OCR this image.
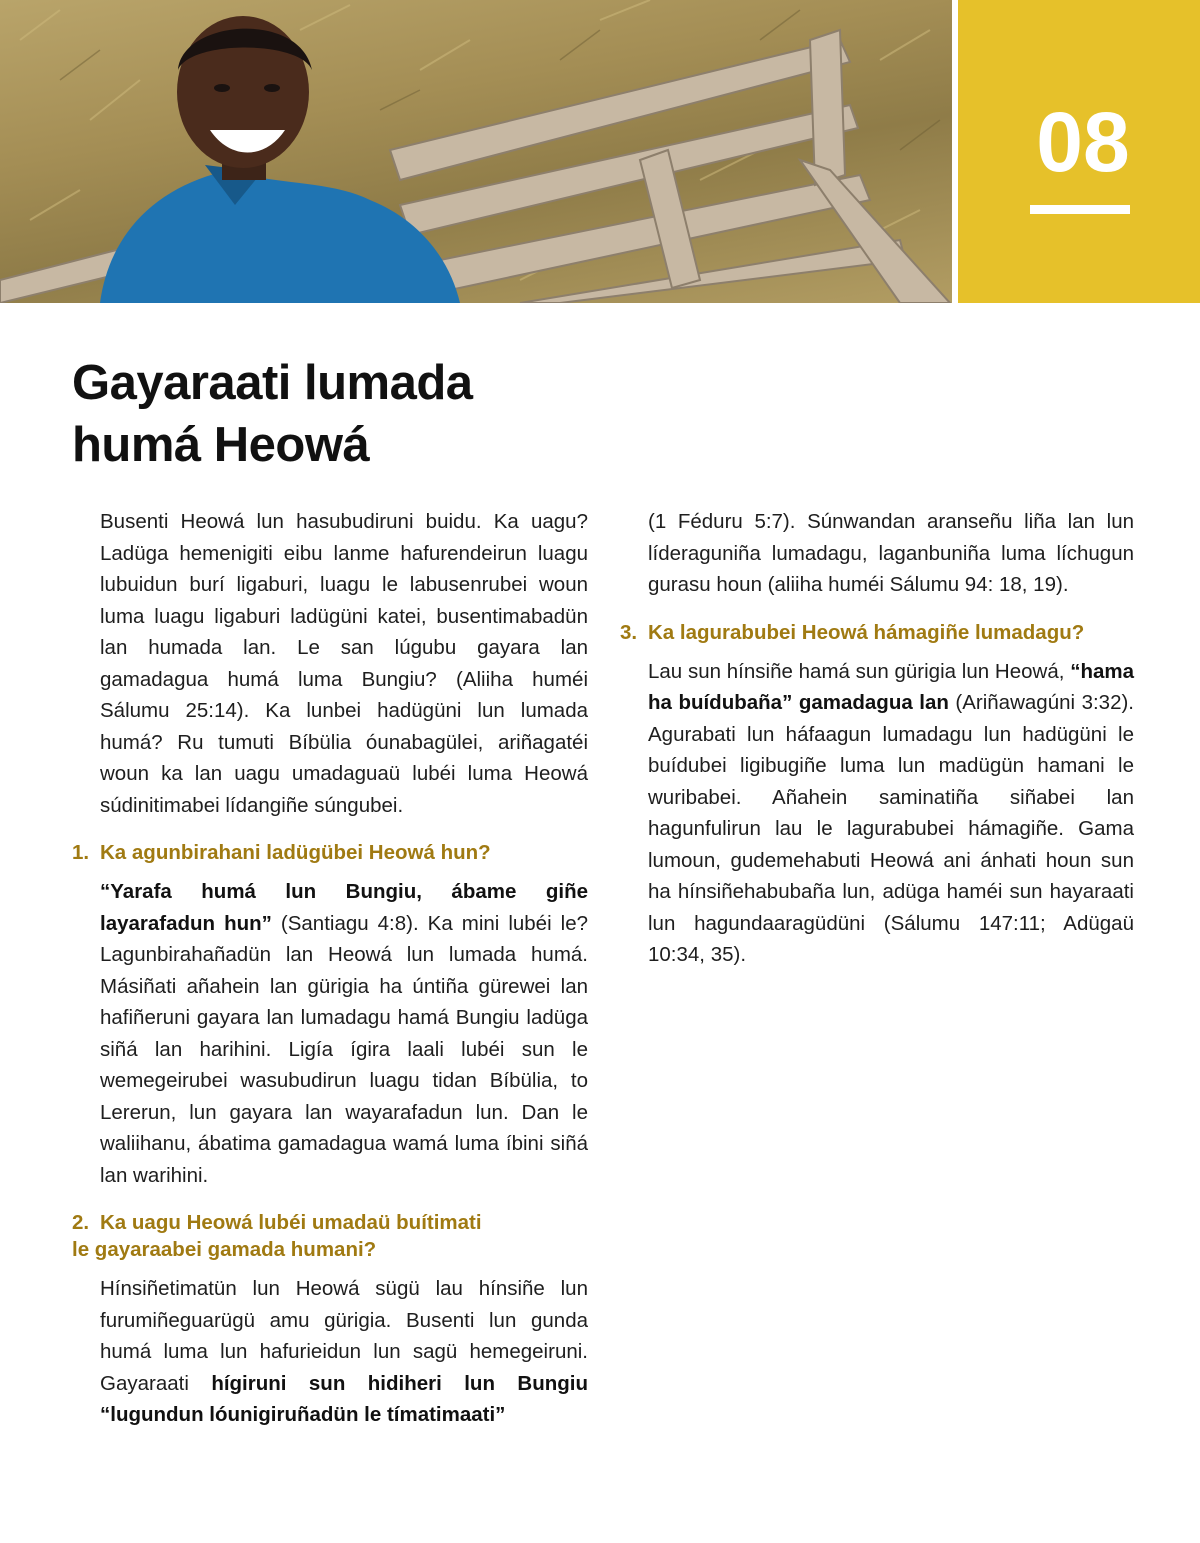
08
Gayaraati lumada
humá Heowá

Busenti Heowá lun hasubudiruni buidu. Ka uagu? Ladüga hemenigiti eibu lanme hafurendeirun luagu lubuidun burí ligaburi, luagu le labusenrubei woun luma luagu ligaburi ladügüni katei, busentimabadün lan humada lan. Le san lúgubu gayara lan gamadagua humá luma Bungiu? (Aliiha huméi Sálumu 25:14). Ka lunbei hadügüni lun lumada humá? Ru tumuti Bíbülia óunabagülei, ariñagatéi woun ka lan uagu umadaguaü lubéi luma Heowá súdinitimabei lídangiñe súngubei.

1. Ka agunbirahani ladügübei Heowá hun?

“Yarafa humá lun Bungiu, ábame giñe layarafadun hun” (Santiagu 4:8). Ka mini lubéi le? Lagunbirahañadün lan Heowá lun lumada humá. Másiñati añahein lan gürigia ha úntiña gürewei lan hafiñeruni gayara lan lumadagu hamá Bungiu ladüga siñá lan harihini. Ligía ígira laali lubéi sun le wemegeirubei wasubudirun luagu tidan Bíbülia, to Lererun, lun gayara lan wayarafadun lun. Dan le waliihanu, ábatima gamadagua wamá luma íbini siñá lan warihini.

2. Ka uagu Heowá lubéi umadaü buítimati
le gayaraabei gamada humani?

Hínsiñetimatün lun Heowá sügü lau hínsiñe lun furumiñeguarügü amu gürigia. Busenti lun gunda humá luma lun hafurieidun lun sagü hemegeiruni. Gayaraati hígiruni sun hidiheri lun Bungiu “lugundun lóunigiruñadün le tímatimaati”

(1 Féduru 5:7). Súnwandan aranseñu liña lan lun líderaguniña lumadagu, laganbuniña luma líchugun gurasu houn (aliiha huméi Sálumu 94: 18, 19).

3. Ka lagurabubei Heowá hámagiñe lumadagu?

Lau sun hínsiñe hamá sun gürigia lun Heowá, “hama ha buídubaña” gamadagua lan (Ariñawagúni 3:32). Agurabati lun háfaagun lumadagu lun hadügüni le buídubei ligibugiñe luma lun madügün hamani le wuribabei. Añahein saminatiña siñabei lan hagunfulirun lau le lagurabubei hámagiñe. Gama lumoun, gudemehabuti Heowá ani ánhati houn sun ha hínsiñehabubaña lun, adüga haméi sun hayaraati lun hagundaaragüdüni (Sálumu 147:11; Adügaü 10:34, 35).
